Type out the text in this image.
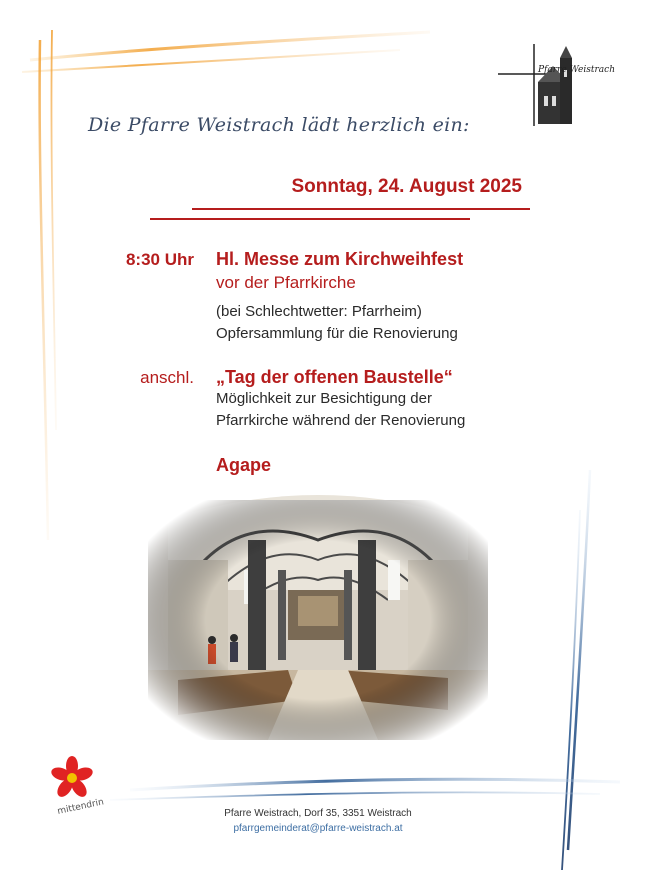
Pfarre Weistrach
Die Pfarre Weistrach lädt herzlich ein:
Sonntag, 24. August 2025
8:30 Uhr Hl. Messe zum Kirchweihfest
vor der Pfarrkirche
(bei Schlechtwetter: Pfarrheim)
Opfersammlung für die Renovierung
anschl. „Tag der offenen Baustelle“
Möglichkeit zur Besichtigung der
Pfarrkirche während der Renovierung
Agape
mittendrin	Pfarre Weistrach, Dorf 35, 3351 Weistrach
pfarrgemeinderat@pfarre-weistrach.at
